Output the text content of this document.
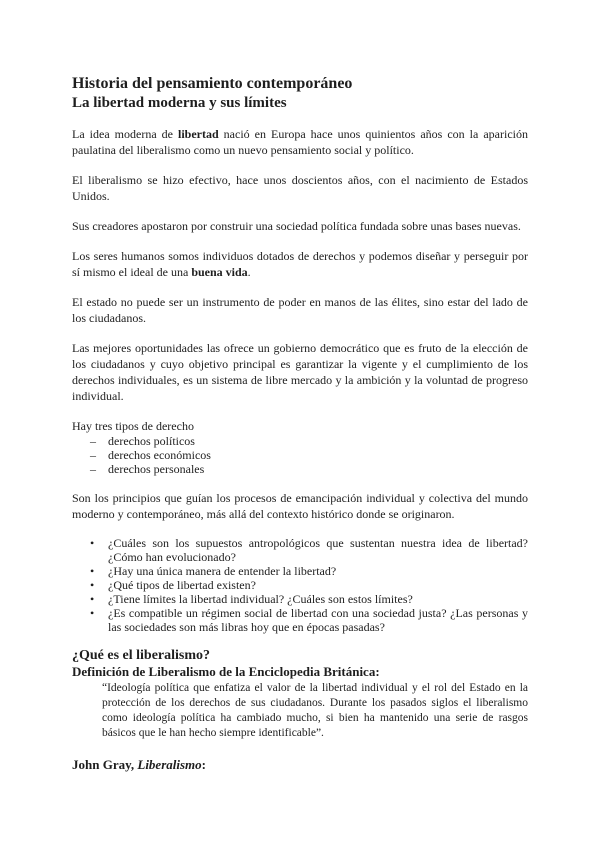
Historia del pensamiento contemporáneo
La libertad moderna y sus límites

La idea moderna de libertad nació en Europa hace unos quinientos años con la aparición paulatina del liberalismo como un nuevo pensamiento social y político.

El liberalismo se hizo efectivo, hace unos doscientos años, con el nacimiento de Estados Unidos.

Sus creadores apostaron por construir una sociedad política fundada sobre unas bases nuevas.

Los seres humanos somos individuos dotados de derechos y podemos diseñar y perseguir por sí mismo el ideal de una buena vida.

El estado no puede ser un instrumento de poder en manos de las élites, sino estar del lado de los ciudadanos.

Las mejores oportunidades las ofrece un gobierno democrático que es fruto de la elección de los ciudadanos y cuyo objetivo principal es garantizar la vigente y el cumplimiento de los derechos individuales, es un sistema de libre mercado y la ambición y la voluntad de progreso individual.

Hay tres tipos de derecho

– derechos políticos
– derechos económicos
– derechos personales

Son los principios que guían los procesos de emancipación individual y colectiva del mundo moderno y contemporáneo, más allá del contexto histórico donde se originaron.

• ¿Cuáles son los supuestos antropológicos que sustentan nuestra idea de libertad? ¿Cómo han evolucionado?
• ¿Hay una única manera de entender la libertad?
• ¿Qué tipos de libertad existen?
• ¿Tiene límites la libertad individual? ¿Cuáles son estos límites?
• ¿Es compatible un régimen social de libertad con una sociedad justa? ¿Las personas y las sociedades son más libras hoy que en épocas pasadas?
¿Qué es el liberalismo?
Definición de Liberalismo de la Enciclopedia Británica:
“Ideología política que enfatiza el valor de la libertad individual y el rol del Estado en la protección de los derechos de sus ciudadanos. Durante los pasados siglos el liberalismo como ideología política ha cambiado mucho, si bien ha mantenido una serie de rasgos básicos que le han hecho siempre identificable”.
John Gray, Liberalismo:
